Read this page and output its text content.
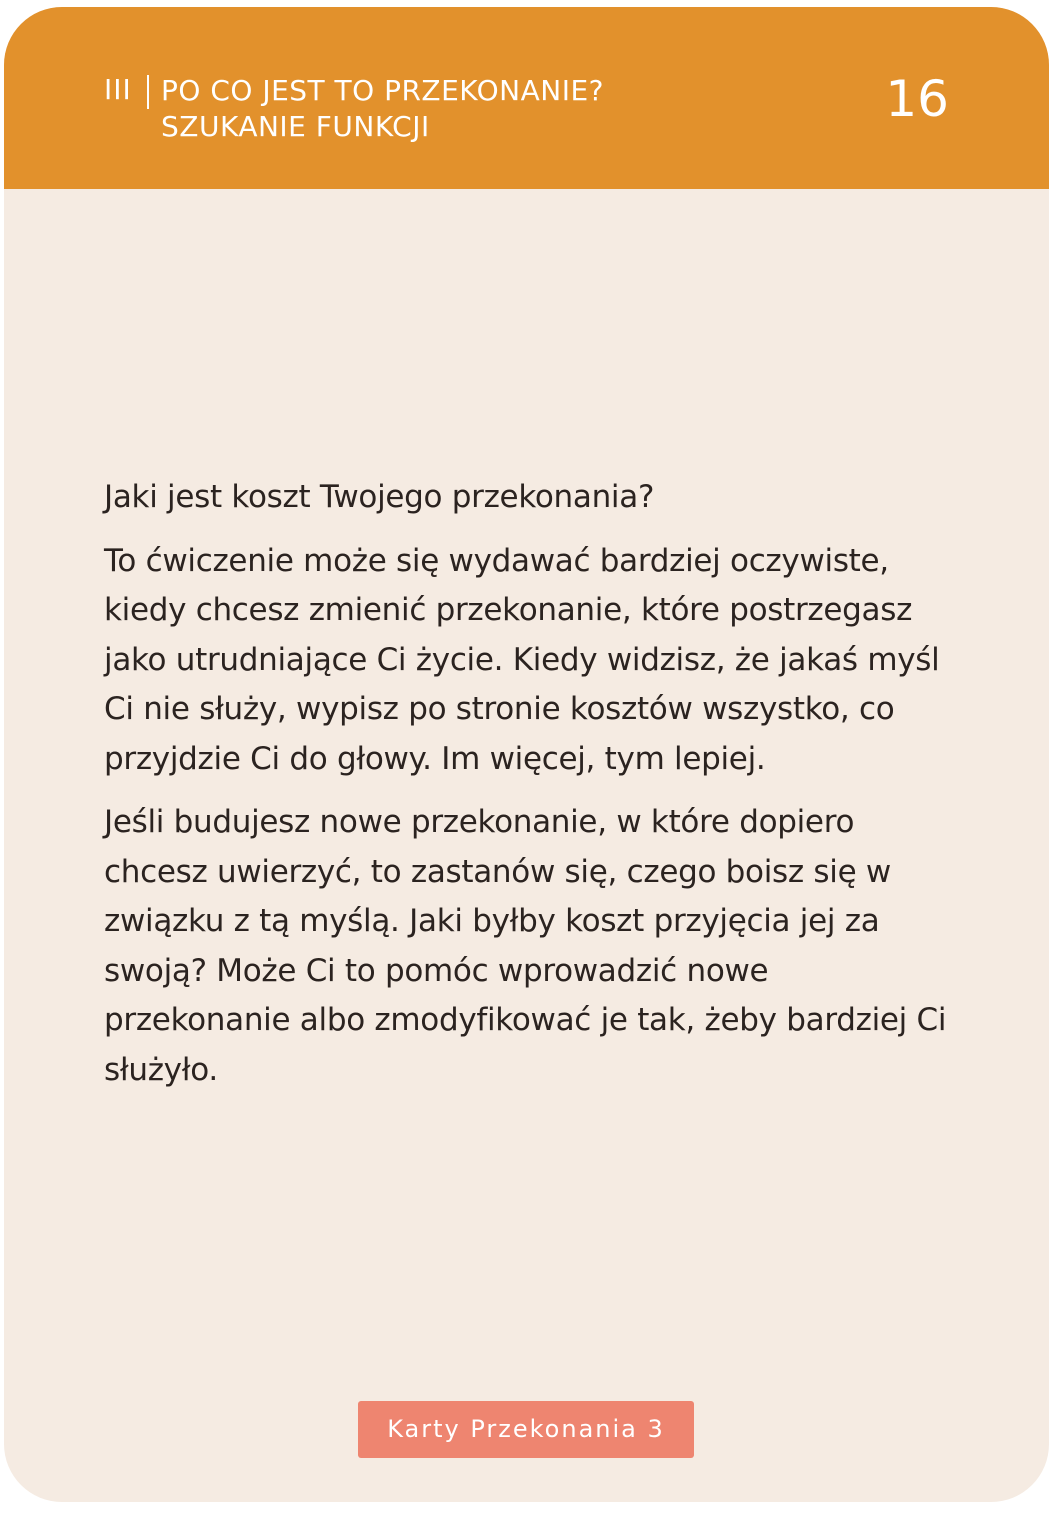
III PO CO JEST TO PRZEKONANIE?
SZUKANIE FUNKCJI	16

Jaki jest koszt Twojego przekonania?

To ćwiczenie może się wydawać bardziej oczywiste, kiedy chcesz zmienić przekonanie, które postrzegasz jako utrudniające Ci życie. Kiedy widzisz, że jakaś myśl Ci nie służy, wypisz po stronie kosztów wszystko, co przyjdzie Ci do głowy. Im więcej, tym lepiej.

Jeśli budujesz nowe przekonanie, w które dopiero chcesz uwierzyć, to zastanów się, czego boisz się w związku z tą myślą. Jaki byłby koszt przyjęcia jej za swoją? Może Ci to pomóc wprowadzić nowe przekonanie albo zmodyfikować je tak, żeby bardziej Ci służyło.

Karty Przekonania 3
